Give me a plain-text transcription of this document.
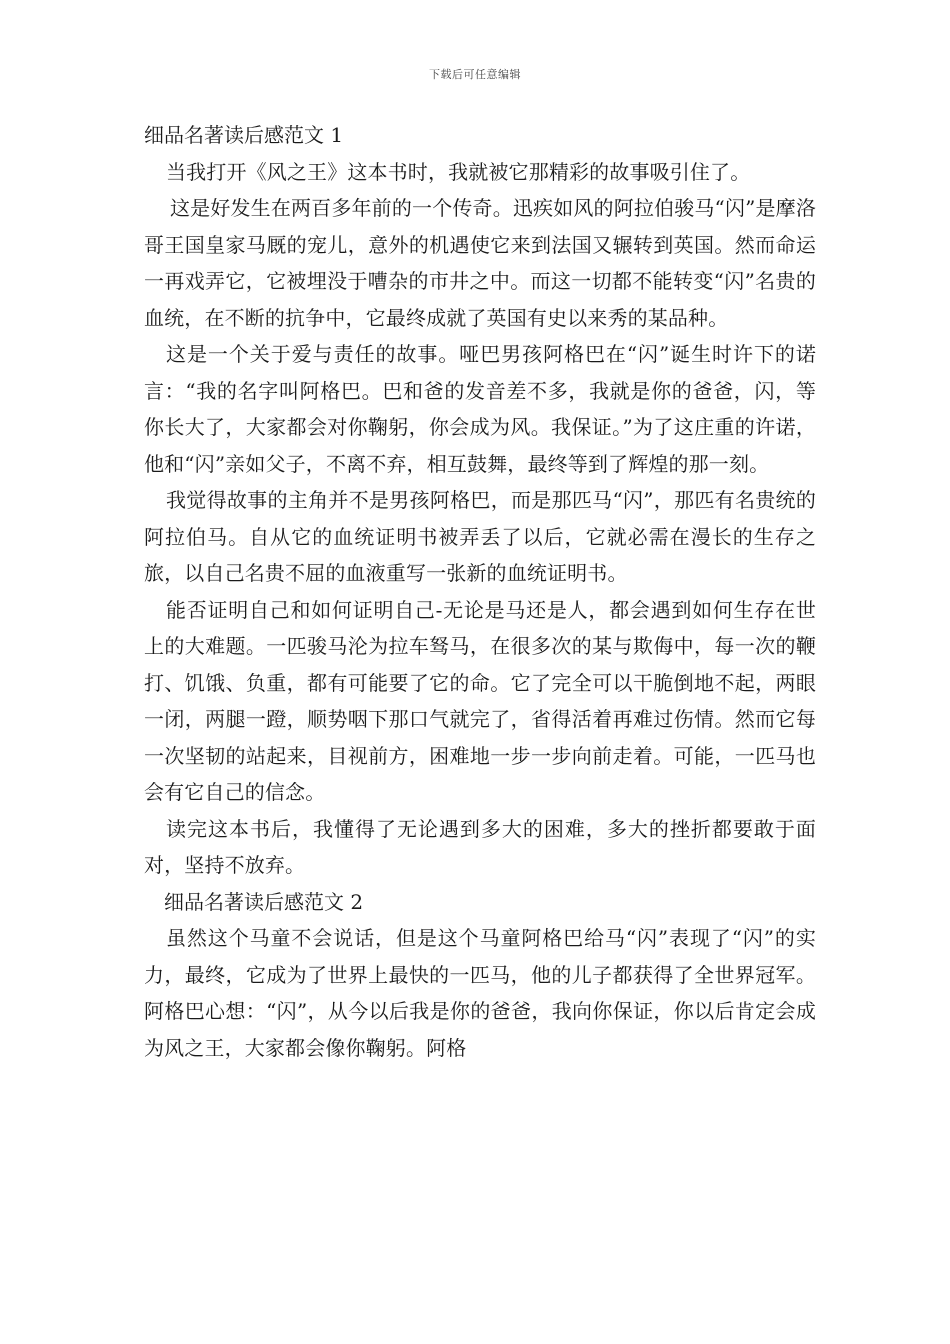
下载后可任意编辑

细品名著读后感范文 1

当我打开《风之王》这本书时，我就被它那精彩的故事吸引住了。

这是好发生在两百多年前的一个传奇。迅疾如风的阿拉伯骏马“闪”是摩洛哥王国皇家马厩的宠儿，意外的机遇使它来到法国又辗转到英国。然而命运一再戏弄它，它被埋没于嘈杂的市井之中。而这一切都不能转变“闪”名贵的血统，在不断的抗争中，它最终成就了英国有史以来秀的某品种。

这是一个关于爱与责任的故事。哑巴男孩阿格巴在“闪”诞生时许下的诺言：“我的名字叫阿格巴。巴和爸的发音差不多，我就是你的爸爸，闪，等你长大了，大家都会对你鞠躬，你会成为风。我保证。”为了这庄重的许诺，他和“闪”亲如父子，不离不弃，相互鼓舞，最终等到了辉煌的那一刻。

我觉得故事的主角并不是男孩阿格巴，而是那匹马“闪”，那匹有名贵统的阿拉伯马。自从它的血统证明书被弄丢了以后，它就必需在漫长的生存之旅，以自己名贵不屈的血液重写一张新的血统证明书。

能否证明自己和如何证明自己-无论是马还是人，都会遇到如何生存在世上的大难题。一匹骏马沦为拉车驽马，在很多次的某与欺侮中，每一次的鞭打、饥饿、负重，都有可能要了它的命。它了完全可以干脆倒地不起，两眼一闭，两腿一蹬，顺势咽下那口气就完了，省得活着再难过伤情。然而它每一次坚韧的站起来，目视前方，困难地一步一步向前走着。可能，一匹马也会有它自己的信念。

读完这本书后，我懂得了无论遇到多大的困难，多大的挫折都要敢于面对，坚持不放弃。

细品名著读后感范文 2

虽然这个马童不会说话，但是这个马童阿格巴给马“闪”表现了“闪”的实力，最终，它成为了世界上最快的一匹马，他的儿子都获得了全世界冠军。阿格巴心想：“闪”，从今以后我是你的爸爸，我向你保证，你以后肯定会成为风之王，大家都会像你鞠躬。阿格
